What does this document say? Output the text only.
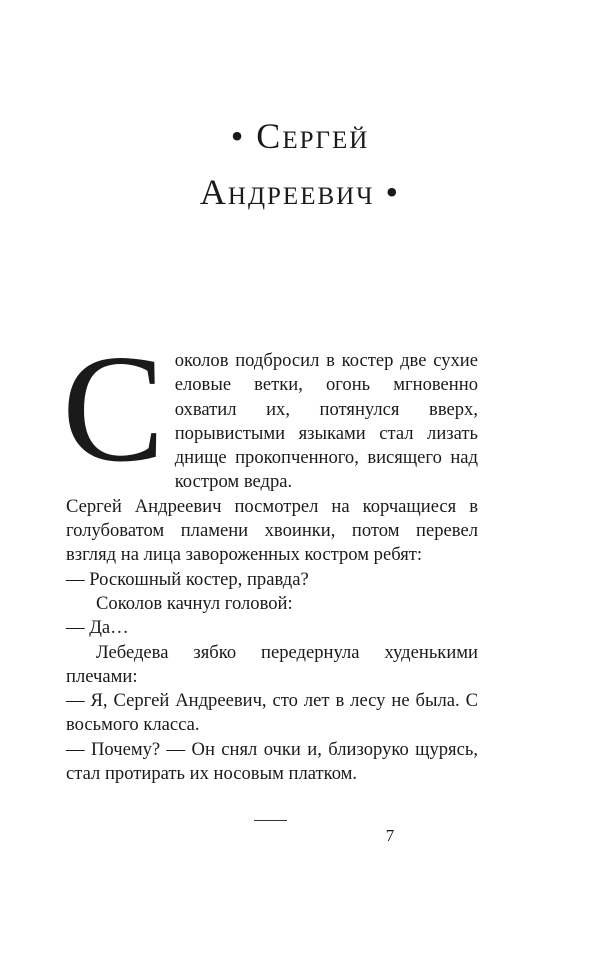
• Сергей
Андреевич •

Соколов подбросил в костер две сухие еловые ветки, огонь мгновенно охватил их, потянулся вверх, порывистыми языками стал лизать днище прокопченного, висящего над костром ведра.

Сергей Андреевич посмотрел на корчащиеся в голубоватом пламени хвоинки, потом перевел взгляд на лица завороженных костром ребят:

— Роскошный костер, правда?

Соколов качнул головой:

— Да…

Лебедева зябко передернула худенькими плечами:

— Я, Сергей Андреевич, сто лет в лесу не была. С восьмого класса.

— Почему? — Он снял очки и, близоруко щурясь, стал протирать их носовым платком.

7
